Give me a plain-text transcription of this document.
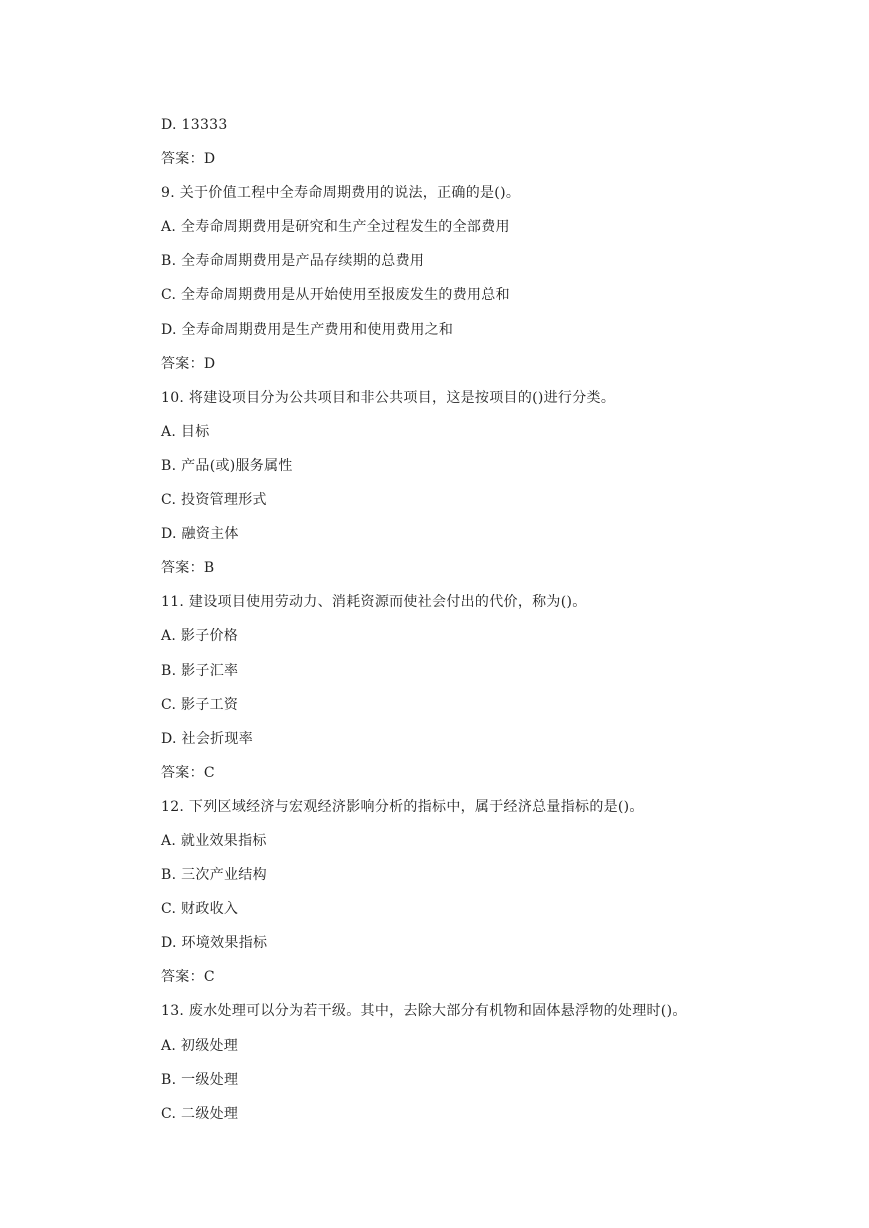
D. 13333
答案：D
9. 关于价值工程中全寿命周期费用的说法，正确的是()。
A. 全寿命周期费用是研究和生产全过程发生的全部费用
B. 全寿命周期费用是产品存续期的总费用
C. 全寿命周期费用是从开始使用至报废发生的费用总和
D. 全寿命周期费用是生产费用和使用费用之和
答案：D
10. 将建设项目分为公共项目和非公共项目，这是按项目的()进行分类。
A. 目标
B. 产品(或)服务属性
C. 投资管理形式
D. 融资主体
答案：B
11. 建设项目使用劳动力、消耗资源而使社会付出的代价，称为()。
A. 影子价格
B. 影子汇率
C. 影子工资
D. 社会折现率
答案：C
12. 下列区域经济与宏观经济影响分析的指标中，属于经济总量指标的是()。
A. 就业效果指标
B. 三次产业结构
C. 财政收入
D. 环境效果指标
答案：C
13. 废水处理可以分为若干级。其中，去除大部分有机物和固体悬浮物的处理时()。
A. 初级处理
B. 一级处理
C. 二级处理
